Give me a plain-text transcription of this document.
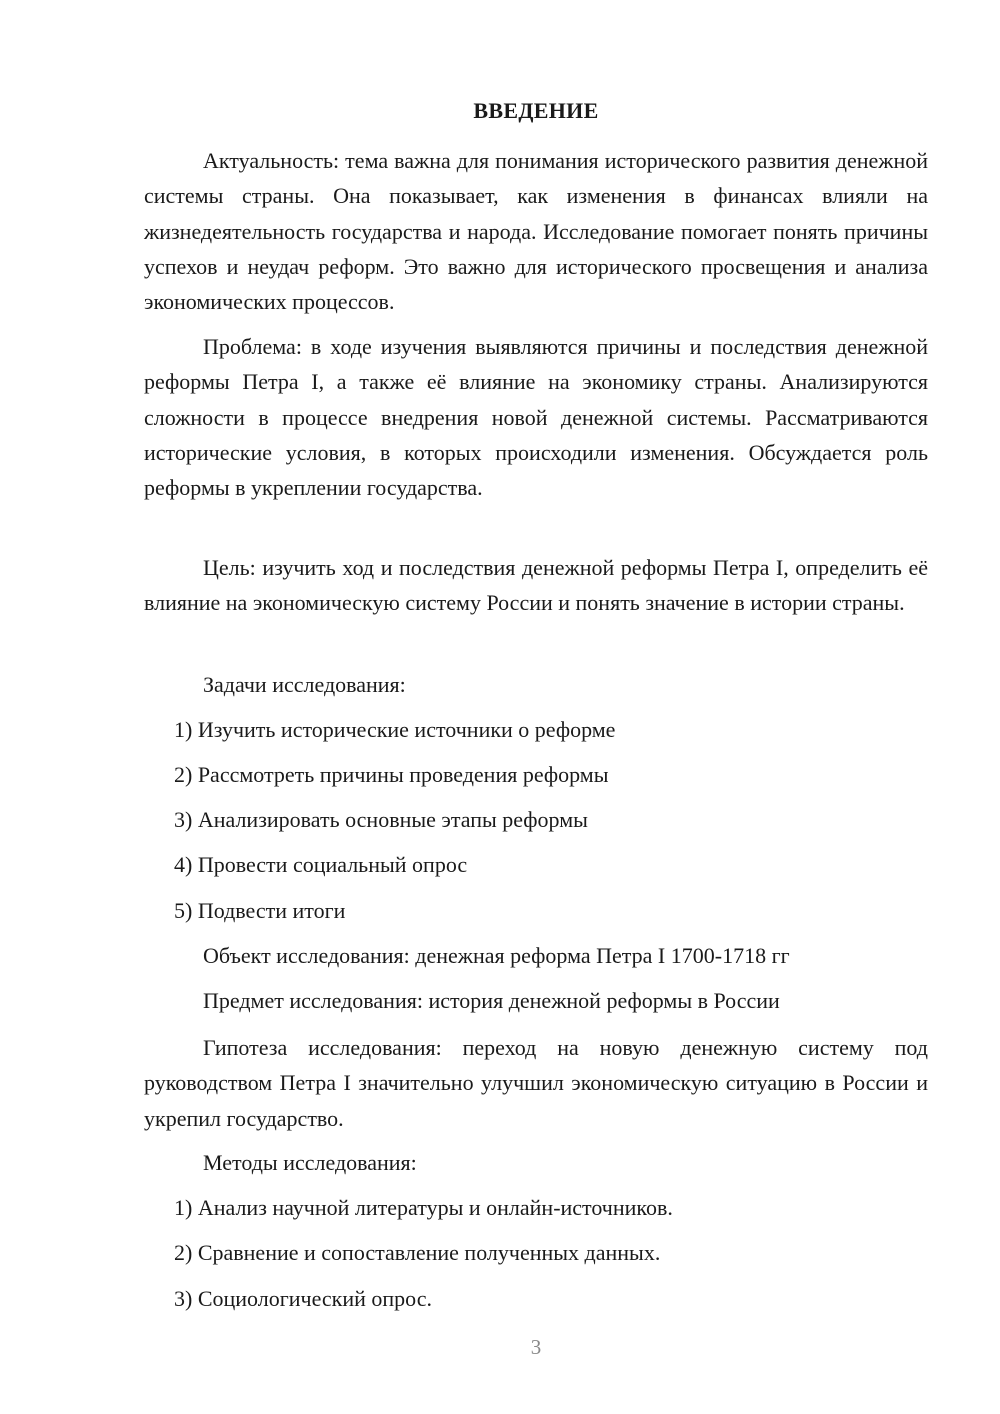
ВВЕДЕНИЕ

Актуальность: тема важна для понимания исторического развития денежной системы страны. Она показывает, как изменения в финансах влияли на жизнедеятельность государства и народа. Исследование помогает понять причины успехов и неудач реформ. Это важно для исторического просвещения и анализа экономических процессов.

Проблема: в ходе изучения выявляются причины и последствия денежной реформы Петра I, а также её влияние на экономику страны. Анализируются сложности в процессе внедрения новой денежной системы. Рассматриваются исторические условия, в которых происходили изменения. Обсуждается роль реформы в укреплении государства.

Цель: изучить ход и последствия денежной реформы Петра I, определить её влияние на экономическую систему России и понять значение в истории страны.

Задачи исследования:

1) Изучить исторические источники о реформе

2) Рассмотреть причины проведения реформы

3) Анализировать основные этапы реформы

4) Провести социальный опрос

5) Подвести итоги

Объект исследования: денежная реформа Петра I 1700-1718 гг

Предмет исследования: история денежной реформы в России

Гипотеза исследования: переход на новую денежную систему под руководством Петра I значительно улучшил экономическую ситуацию в России и укрепил государство.

Методы исследования:

1) Анализ научной литературы и онлайн-источников.

2) Сравнение и сопоставление полученных данных.

3) Социологический опрос.

3
